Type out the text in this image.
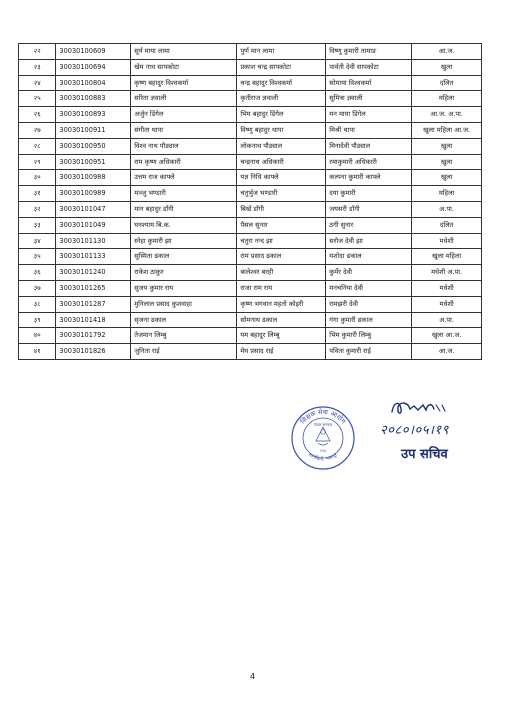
२२	30030100609	सूर्य माया लामा	पुर्ण मान लामा	विष्णु कुमारी तामाङ	आ.ज.
२३	30030100694	खेम नाथ सापकोटा	प्रकाश चन्द्र सापकोटा	पार्वती देवी सापकोटा	खुला
२४	30030100804	कृष्ण बहादुर विश्वकर्मा	चन्द्र बहादुर विश्वकर्मा	सोमाया विश्वकर्मा	दलित
२५	30030100883	सरिता ज्ञवाली	कृतीराज ज्ञवाली	सुमित्रा ज्ञवाली	महिला
२६	30030100893	अर्जुन डिंगेल	भिम बहादुर डिंगेल	मन माया डिंगेल	आ.ज. अ.पा.
२७	30030100911	संगीता थापा	विष्णु बहादुर थापा	मिश्री थापा	खुला महिला आ.ज.
२८	30030100950	विश्व नाथ पौड्याल	लोकनाथ पौड्याल	मिनादेवी पौड्याल	खुला
२९	30030100951	राम कृष्ण अधिकारी	चन्द्रनाथ अधिकारी	रमाकुमारी अधिकारी	खुला
३०	30030100988	उत्तम राज काफ्ले	यज्ञ निधि काफ्ले	कल्पना कुमारी काफ्ले	खुला
३१	30030100989	मञ्जु भण्डारी	चतुर्भुज भण्डारी	दया कुमारी	महिला
३२	30030101047	मान बहादुर डाँगी	बिखँ डाँगी	जयसरी डाँगी	अ.पा.
३३	30030101049	घनश्याम बि.क.	पैसल सुनार	ठगी सुनार	दलित
३४	30030101130	स्नेहा कुमारी झा	चतुरा नन्द झा	सरोज देवी झा	मधेशी
३५	30030101133	सुस्मिता ढकाल	राम प्रसाद ढकाल	यशोदा ढकाल	खुला महिला
३६	30030101240	राकेश ठाकुर	बालेश्वर बरही	कुर्मेर देवी	मधेशी अ.पा.
३७	30030101265	सुजय कुमार राय	राजा राम राय	मनचनिया देवी	मधेशी
३८	30030101287	मुनिलाल प्रसाद कुशवाहा	कृष्ण भगवान महतो कोइरी	रामझरी देवी	मधेशी
३९	30030101418	सृजना ढकाल	सोमनाथ ढकाल	गंगा कुमारी ढकाल	अ.पा.
४०	30030101792	तेजमान लिम्बु	यम बहादुर लिम्बु	भिम कुमारी लिम्बु	खुला आ.ज.
४१	30030101826	जुनिता राई	मेघ प्रसाद राई	पविता कुमारी राई	आ.ज.
शिक्षक सेवा आयोग
सानोठिमी, भक्तपुर
नेपाल सरकार
२०६
२०८०।०५।१९
उप सचिव
4
